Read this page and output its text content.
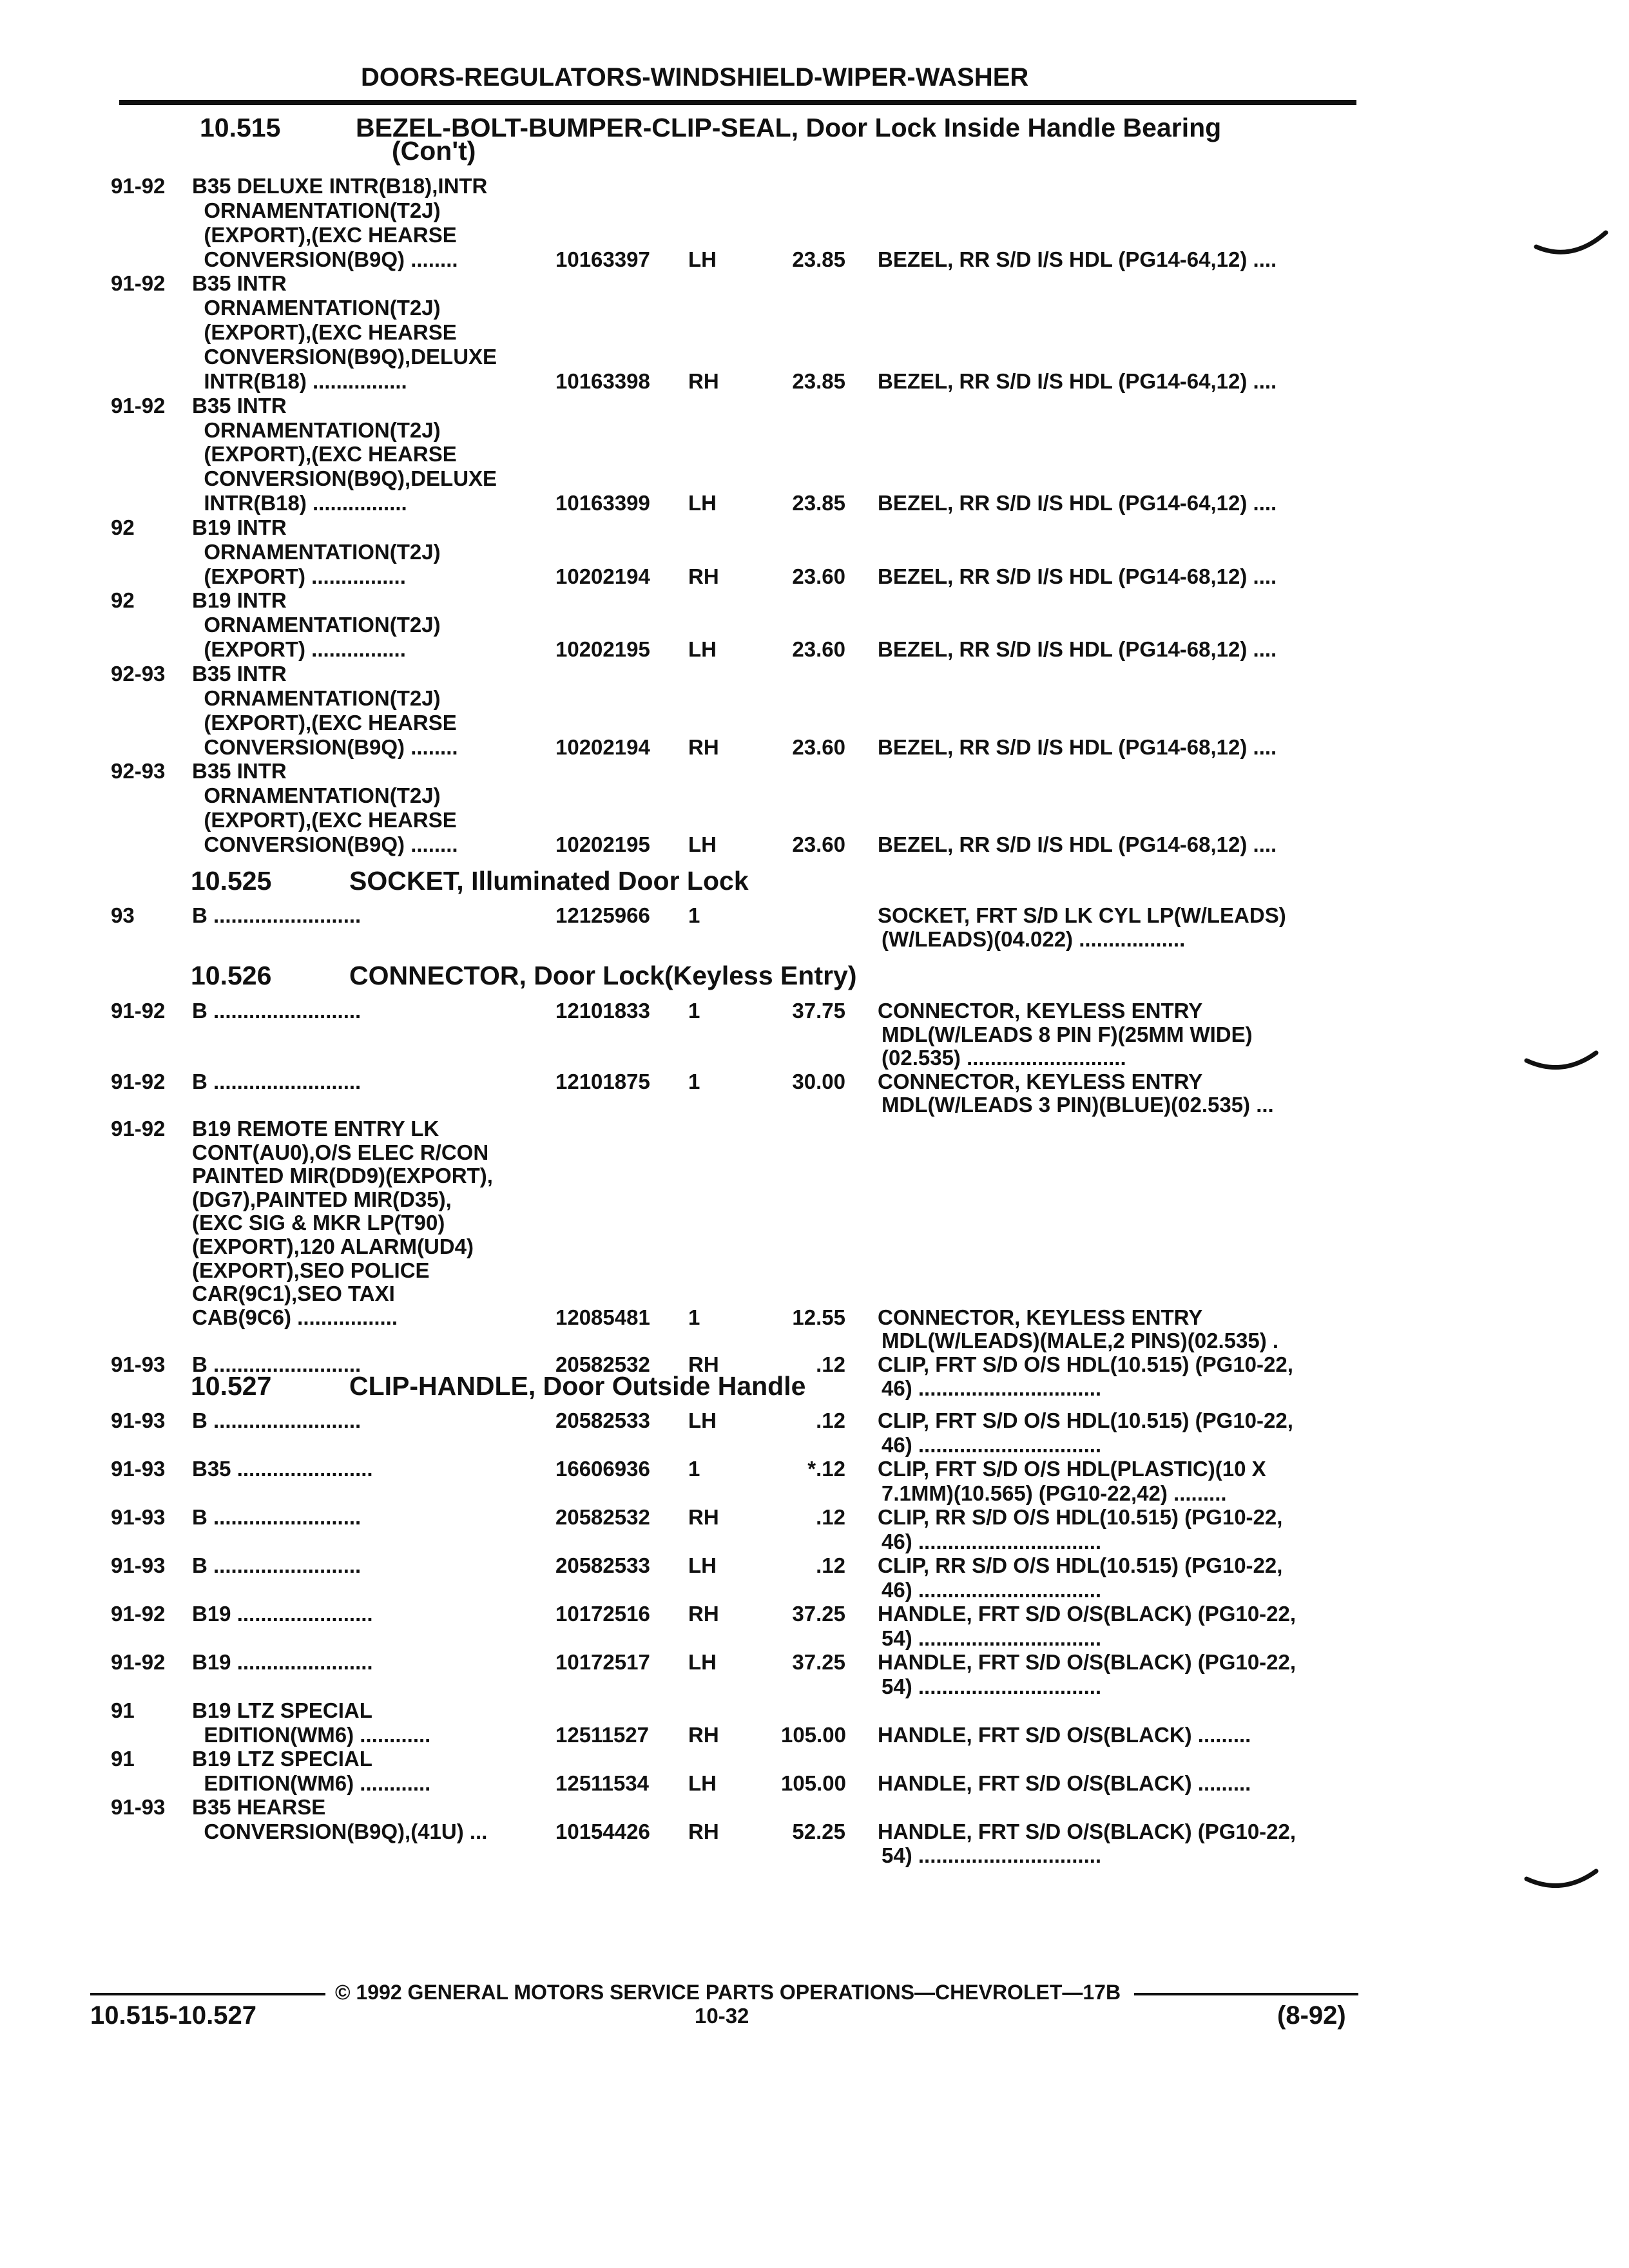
DOORS-REGULATORS-WINDSHIELD-WIPER-WASHER
10.515	BEZEL-BOLT-BUMPER-CLIP-SEAL, Door Lock Inside Handle Bearing
(Con't)
10.525	SOCKET, Illuminated Door Lock
10.526	CONNECTOR, Door Lock(Keyless Entry)
10.527	CLIP-HANDLE, Door Outside Handle
91-92 B35 DELUXE INTR(B18),INTR
ORNAMENTATION(T2J)
(EXPORT),(EXC HEARSE
CONVERSION(B9Q) ........	10163397 LH	23.85 BEZEL, RR S/D I/S HDL (PG14-64,12) ....
91-92 B35 INTR
ORNAMENTATION(T2J)
(EXPORT),(EXC HEARSE
CONVERSION(B9Q),DELUXE
INTR(B18) ................	10163398 RH	23.85 BEZEL, RR S/D I/S HDL (PG14-64,12) ....
91-92 B35 INTR
ORNAMENTATION(T2J)
(EXPORT),(EXC HEARSE
CONVERSION(B9Q),DELUXE
INTR(B18) ................	10163399 LH	23.85 BEZEL, RR S/D I/S HDL (PG14-64,12) ....
92	B19 INTR
ORNAMENTATION(T2J)
(EXPORT) ................	10202194 RH	23.60 BEZEL, RR S/D I/S HDL (PG14-68,12) ....
92	B19 INTR
ORNAMENTATION(T2J)
(EXPORT) ................	10202195 LH	23.60 BEZEL, RR S/D I/S HDL (PG14-68,12) ....
92-93 B35 INTR
ORNAMENTATION(T2J)
(EXPORT),(EXC HEARSE
CONVERSION(B9Q) ........	10202194 RH	23.60 BEZEL, RR S/D I/S HDL (PG14-68,12) ....
92-93 B35 INTR
ORNAMENTATION(T2J)
(EXPORT),(EXC HEARSE
CONVERSION(B9Q) ........	10202195 LH	23.60 BEZEL, RR S/D I/S HDL (PG14-68,12) ....
93	B .........................	12125966 1	SOCKET, FRT S/D LK CYL LP(W/LEADS)
(W/LEADS)(04.022) ..................
91-92 B .........................	12101833 1	37.75 CONNECTOR, KEYLESS ENTRY
MDL(W/LEADS 8 PIN F)(25MM WIDE)
(02.535) ...........................
91-92 B .........................	12101875 1	30.00 CONNECTOR, KEYLESS ENTRY
MDL(W/LEADS 3 PIN)(BLUE)(02.535) ...
91-92 B19 REMOTE ENTRY LK
CONT(AU0),O/S ELEC R/CON
PAINTED MIR(DD9)(EXPORT),
(DG7),PAINTED MIR(D35),
(EXC SIG & MKR LP(T90)
(EXPORT),120 ALARM(UD4)
(EXPORT),SEO POLICE
CAR(9C1),SEO TAXI
CAB(9C6) .................	12085481 1	12.55 CONNECTOR, KEYLESS ENTRY
MDL(W/LEADS)(MALE,2 PINS)(02.535) .
91-93 B .........................	20582532 RH	.12 CLIP, FRT S/D O/S HDL(10.515) (PG10-22,
46) ...............................
91-93 B .........................	20582533 LH	.12 CLIP, FRT S/D O/S HDL(10.515) (PG10-22,
46) ...............................
91-93 B35 .......................	16606936 1	*.12 CLIP, FRT S/D O/S HDL(PLASTIC)(10 X
7.1MM)(10.565) (PG10-22,42) .........
91-93 B .........................	20582532 RH	.12 CLIP, RR S/D O/S HDL(10.515) (PG10-22,
46) ...............................
91-93 B .........................	20582533 LH	.12 CLIP, RR S/D O/S HDL(10.515) (PG10-22,
46) ...............................
91-92 B19 .......................	10172516 RH	37.25 HANDLE, FRT S/D O/S(BLACK) (PG10-22,
54) ...............................
91-92 B19 .......................	10172517 LH	37.25 HANDLE, FRT S/D O/S(BLACK) (PG10-22,
54) ...............................
91	B19 LTZ SPECIAL
EDITION(WM6) ............	12511527 RH	105.00 HANDLE, FRT S/D O/S(BLACK) .........
91	B19 LTZ SPECIAL
EDITION(WM6) ............	12511534 LH	105.00 HANDLE, FRT S/D O/S(BLACK) .........
91-93 B35 HEARSE
CONVERSION(B9Q),(41U) ...	10154426 RH	52.25 HANDLE, FRT S/D O/S(BLACK) (PG10-22,
54) ...............................
© 1992 GENERAL MOTORS SERVICE PARTS OPERATIONS—CHEVROLET—17B
10.515-10.527	10-32	(8-92)
